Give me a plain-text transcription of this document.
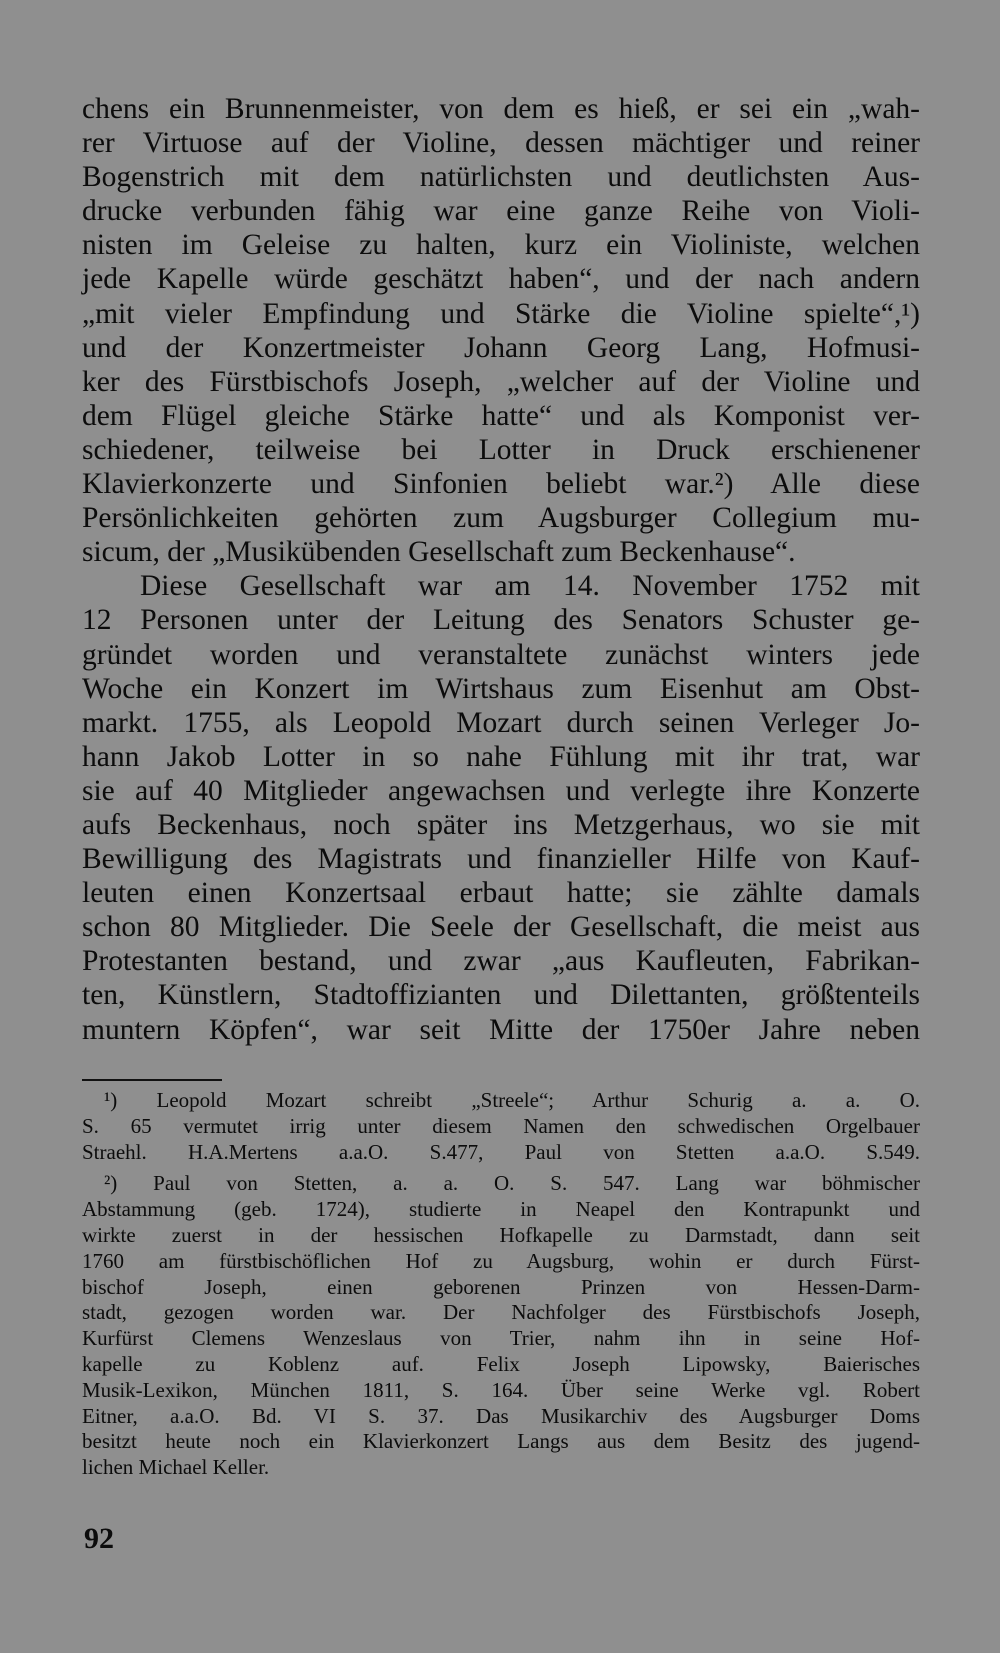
chens ein Brunnenmeister, von dem es hieß, er sei ein „wah-
rer Virtuose auf der Violine, dessen mächtiger und reiner
Bogenstrich mit dem natürlichsten und deutlichsten Aus-
drucke verbunden fähig war eine ganze Reihe von Violi-
nisten im Geleise zu halten, kurz ein Violiniste, welchen
jede Kapelle würde geschätzt haben“, und der nach andern
„mit vieler Empfindung und Stärke die Violine spielte“,¹)
und der Konzertmeister Johann Georg Lang, Hofmusi-
ker des Fürstbischofs Joseph, „welcher auf der Violine und
dem Flügel gleiche Stärke hatte“ und als Komponist ver-
schiedener, teilweise bei Lotter in Druck erschienener
Klavierkonzerte und Sinfonien beliebt war.²) Alle diese
Persönlichkeiten gehörten zum Augsburger Collegium mu-
sicum, der „Musikübenden Gesellschaft zum Beckenhause“.
Diese Gesellschaft war am 14. November 1752 mit
12 Personen unter der Leitung des Senators Schuster ge-
gründet worden und veranstaltete zunächst winters jede
Woche ein Konzert im Wirtshaus zum Eisenhut am Obst-
markt. 1755, als Leopold Mozart durch seinen Verleger Jo-
hann Jakob Lotter in so nahe Fühlung mit ihr trat, war
sie auf 40 Mitglieder angewachsen und verlegte ihre Konzerte
aufs Beckenhaus, noch später ins Metzgerhaus, wo sie mit
Bewilligung des Magistrats und finanzieller Hilfe von Kauf-
leuten einen Konzertsaal erbaut hatte; sie zählte damals
schon 80 Mitglieder. Die Seele der Gesellschaft, die meist aus
Protestanten bestand, und zwar „aus Kaufleuten, Fabrikan-
ten, Künstlern, Stadtoffizianten und Dilettanten, größtenteils
muntern Köpfen“, war seit Mitte der 1750er Jahre neben
¹) Leopold Mozart schreibt „Streele“; Arthur Schurig a. a. O.
S. 65 vermutet irrig unter diesem Namen den schwedischen Orgelbauer
Straehl. H.A.Mertens a.a.O. S.477, Paul von Stetten a.a.O. S.549.
²) Paul von Stetten, a. a. O. S. 547. Lang war böhmischer
Abstammung (geb. 1724), studierte in Neapel den Kontrapunkt und
wirkte zuerst in der hessischen Hofkapelle zu Darmstadt, dann seit
1760 am fürstbischöflichen Hof zu Augsburg, wohin er durch Fürst-
bischof Joseph, einen geborenen Prinzen von Hessen-Darm-
stadt, gezogen worden war. Der Nachfolger des Fürstbischofs Joseph,
Kurfürst Clemens Wenzeslaus von Trier, nahm ihn in seine Hof-
kapelle zu Koblenz auf. Felix Joseph Lipowsky, Baierisches
Musik-Lexikon, München 1811, S. 164. Über seine Werke vgl. Robert
Eitner, a.a.O. Bd. VI S. 37. Das Musikarchiv des Augsburger Doms
besitzt heute noch ein Klavierkonzert Langs aus dem Besitz des jugend-
lichen Michael Keller.
92
